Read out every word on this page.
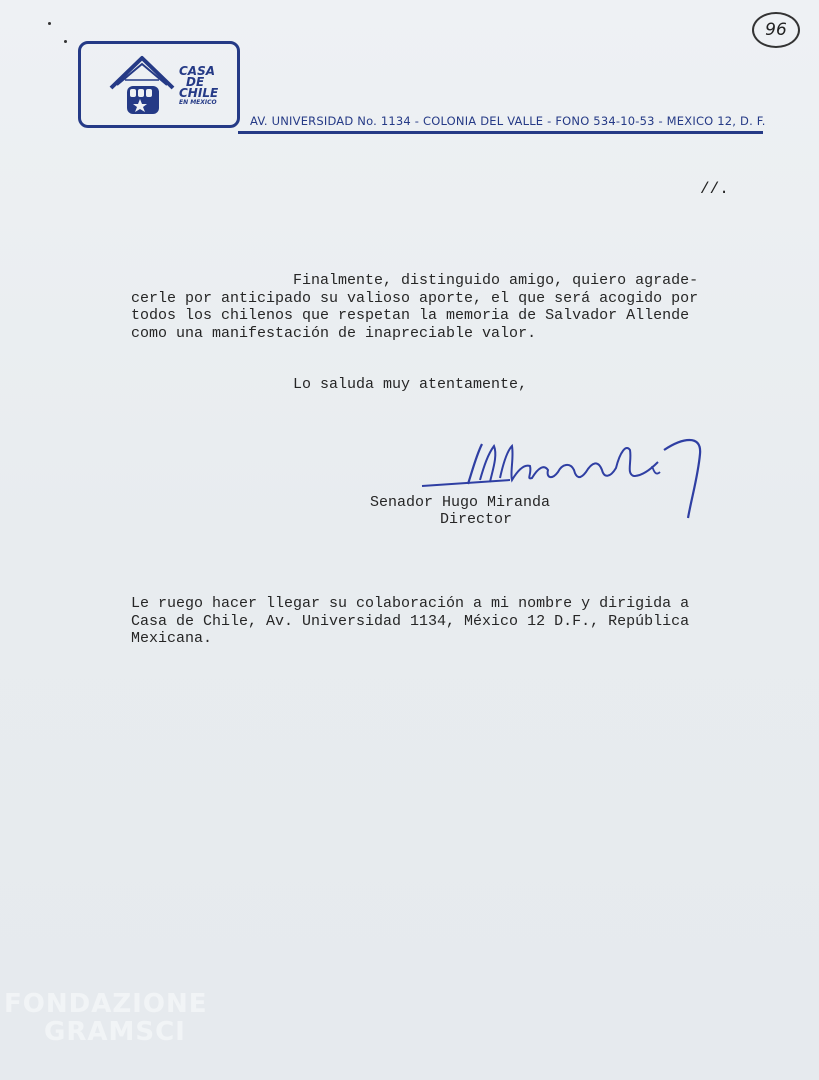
96
CASA
DE
CHILE
EN MEXICO
AV. UNIVERSIDAD No. 1134 - COLONIA DEL VALLE - FONO 534-10-53 - MEXICO 12, D. F.
//.
Finalmente, distinguido amigo, quiero agrade-
cerle por anticipado su valioso aporte, el que será acogido por
todos los chilenos que respetan la memoria de Salvador Allende
como una manifestación de inapreciable valor.
Lo saluda muy atentamente,
Senador Hugo Miranda
Director
Le ruego hacer llegar su colaboración a mi nombre y dirigida a
Casa de Chile, Av. Universidad 1134, México 12 D.F., República
Mexicana.
FONDAZIONE
GRAMSCI
